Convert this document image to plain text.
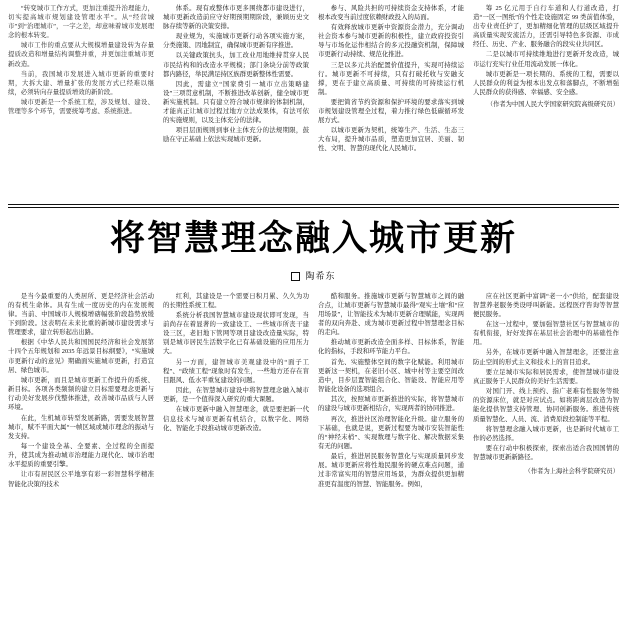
“转变城市工作方式，更加注重提升治理能力，切实提高城市规划建设管理水平”。从“经营城市”到“治理城市”，一字之差，却意味着城市发展理念的根本转变。

城市工作的重点要从大规模增量建设转为存量提质改造和增量结构调整并重，并更加注重城市更新改造。

当前，我国城市发展进入城市更新的重要时期，大拆大建、增量扩张的发展方式已经难以继续，必须转向存量提质增效的新阶段。

城市更新是一个系统工程，涉及规划、建设、管理等多个环节，需要统筹考虑、系统推进。

体系。现有或整体市更多围绕都市建设进行，城市更新改造前应守好期预期期阶段，兼顾历史文脉存续等新的决策安排。

现业规为，实施城市更新行动各项实施方案，分类施策、因地制宜，确保城市更新有序推进。

以关键政策抗头，加工改业用地维持贯穿人民市民结构和的改造水平规模；部门条块分前等政策都内路径，举民满足持区族群更新整体性需要。

因此，需建立“国家费引一城市立出策略建设”三项贯意机制，不断推进改革创新，健全城市更新实施机制。只有建立符合城市规律的体制机制，才能真正让城市过程过地方立法成果体，有法可依的实施规则，以及主体充分的法律。

项目层面规则到事业主体充分的法规期限，鼓励在守正基础上依法实现城市更新。

参与、风险共担的可持续资金支持体系，才能根本改变当前过度依赖财政投入的局面。

有效释放城市更新中资源资金潜力，充分调动社会资本参与城市更新的积极性，建立政府投资引导与市场化运作相结合的多元投融资机制，保障城市更新行动持续、规范化推进。

三是以多元共治配置价值提升，实现可持续运行。城市更新不可持续，只有打破托收与安融支撑，更在于建立高质量、可持续的可持续运行机制。

要把简省节约资源和保护环境的要求落实到城市规划建设管理全过程，着力推行绿色低碳循环发展方式。

以城市更新为契机，统筹生产、生活、生态三大布局，提升城市品质，塑造更加宜居、美丽、韧性、文明、智慧的现代化人民城市。

筹 25 亿元用于自行车道和人行道改造，打造“一区一图纸”的个性走设施固定 99 类前值体验，出专业责任护了，更加精细化管理的层级区域提升高质量实现安流活力，还需引导特色多资源、市成经任、历史、产业、服务融合的段实业共同区。

二是以城市可持续维地进行更新开发改造，城市运行充实行业任用流动发展一体化。

城市更新是一项长期的、系统的工程，需要以人民群众的利益为根本出发点和落脚点，不断增强人民群众的获得感、幸福感、安全感。

（作者为中国人民大学国家研究院高级研究员）
将智慧理念融入城市更新
陶希东

是当今最重要的人类居所、更是经济社会活动的有机生命体。具有生成一度历史的内在发展规律。当前、中国城市人规模增磍幅张阶段趋势放缓下到阶段。这表明在未来比重的新城市建设需求与管理要求，建立转形起出出路。

根据《中华人民共和国国民经济和社会发展第十四个五年规划和 2035 年远景目标纲要》，“实施城市更新行动的意见》期确面实施城市更新，打造宜居、绿色城市。

城市更新，而且是城市更新工作提升的系统、新目标。各项各类频频的建立目标需要理念更新与行动美好发展步伐整体推进，改善城市品质与人居环境。

在此，生机城市转型发展新路，需要发展智慧城市，赋不平面大属“一帧区域或城市理念的振动与发支持。

每一个建设全基、全要素、全过程的全面提升，使其成为推动城市治理能力现代化、城市治理水平提质的重要引擎。

让市有居民区公平地享有彩一彩智慧科学精准智能化决策的技术

红利，其建设是一个需要日积月累、久久为功的长期性系统工程。

系统分析我国智慧城市建设现状即可发现，当前尚存在着显著的一致建设工、一些城市所丧干建设三区，老旧地下管网等项目建设改造量实际，特别是城市居民生活数字化已有基础设施的应用压力大。

另一方面，建智城市美观建设中的“面子工程”、“政绩工程”现象时有发生，一些地方还存在盲目跟风、低水平重复建设的问题。

因此，在智慧城市建设中将智慧理念融入城市更新，是一个值得深入研究的重大课题。

在城市更新中融入智慧理念，就是要把新一代信息技术与城市更新有机结合，以数字化、网络化、智能化手段推动城市更新改造。

酷和服务。推施城市更新与智慧城市之间的融合点，让城市更新与智慧城市最得“观实土壤”和“应用场景”，让智能技术为城市更新合理赋能，实现两者的双向奔赴、成为城市更新过程中智慧理念目标的走向。

推动城市更新改造全面多样、目标体系，智能化的指标，手段和环节能力平台。

首先、实施整体空间的数字化赋能。利用城市更新这一契机，在老旧小区、城中村等主要空间改造中，目步层置智能组合化、智能设、智能应用等智能化设备的选项组合。

其次，按照城市更新推进的实际，将智慧城市的建设与城市更新相结合，实现两者的协同推进。

再次，推进社区治理智能化升级。建立服务的下基础，也就是说，更新过程要为城市安装智能性的“神经末梢”、实现数理与数字化、解决数据采集有无的问题。

最后，推进居民服务智慧化与实现质量同步发展。城市更新应将性地民服务的硬点难点问题，通过非常富实用的智慧应用场景，为群众提供更加精准更有温度的智慧、智能服务。例如，

应在社区更新中富调“老一小”供给，配套建设智慧养老服务类设呼叫新能。远程医疗咨询等智慧便民服务。

在这一过程中，要加强智慧社区与智慧城市的有机衔接，好好发挥在基层社会治理中的基础性作用。

另外，在城市更新中融入智慧理念，还要注意防止空间的形式主义和技术上的盲目追求。

要立足城市实际和居民需求，使智慧城市建设真正服务于人民群众的美好生活需要。

对国门开、线上预约、指广老难有性服务等级的资源床位，就是对应试点。如将距离层改造为智能化提供智慧支持管理、协同创新服务。推进传统质量智慧化、人员、流、消费原段控制能等平程。

将智慧理念融入城市更新，也是新时代城市工作的必然选择。

要在行动中积极探索，探索出适合我国国情的智慧城市更新新路径。

（作者为上海社会科学院研究员）
